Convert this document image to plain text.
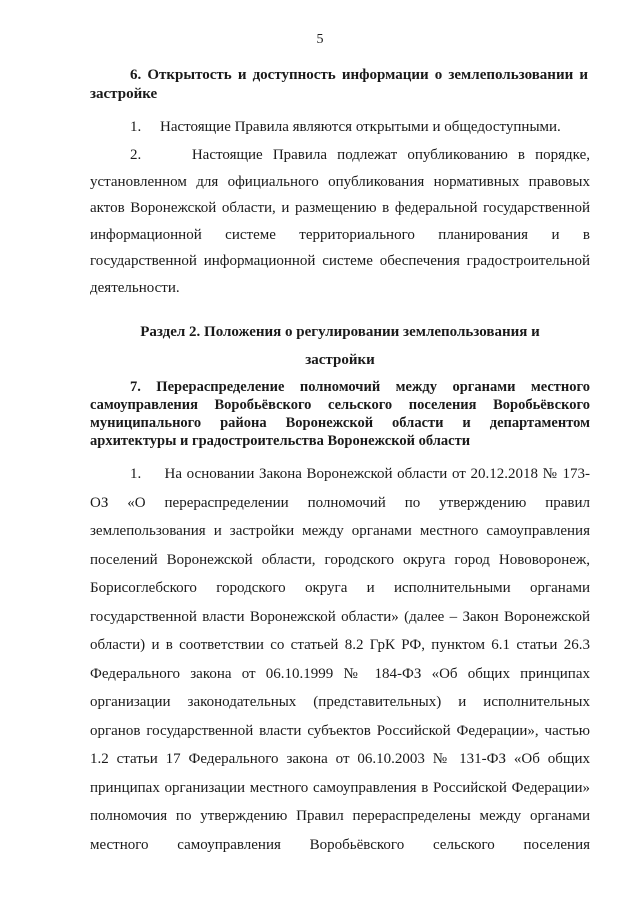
5
6. Открытость и доступность информации о землепользовании и застройке
1. Настоящие Правила являются открытыми и общедоступными.
2.	Настоящие Правила подлежат опубликованию в порядке, установленном для официального опубликования нормативных правовых актов Воронежской области, и размещению в федеральной государственной информационной системе территориального планирования и в государственной информационной системе обеспечения градостроительной деятельности.
Раздел 2. Положения о регулировании землепользования и
застройки
7. Перераспределение полномочий между органами местного самоуправления Воробьёвского сельского поселения Воробьёвского муниципального района Воронежской области и департаментом архитектуры и градостроительства Воронежской области
1. На основании Закона Воронежской области от 20.12.2018 № 173-ОЗ «О перераспределении полномочий по утверждению правил землепользования и застройки между органами местного самоуправления поселений Воронежской области, городского округа город Нововоронеж, Борисоглебского городского округа и исполнительными органами государственной власти Воронежской области» (далее – Закон Воронежской области) и в соответствии со статьей 8.2 ГрК РФ, пунктом 6.1 статьи 26.3 Федерального закона от 06.10.1999 № 184-ФЗ «Об общих принципах организации законодательных (представительных) и исполнительных органов государственной власти субъектов Российской Федерации», частью 1.2 статьи 17 Федерального закона от 06.10.2003 № 131-ФЗ «Об общих принципах организации местного самоуправления в Российской Федерации» полномочия по утверждению Правил перераспределены между органами местного самоуправления Воробьёвского сельского поселения
